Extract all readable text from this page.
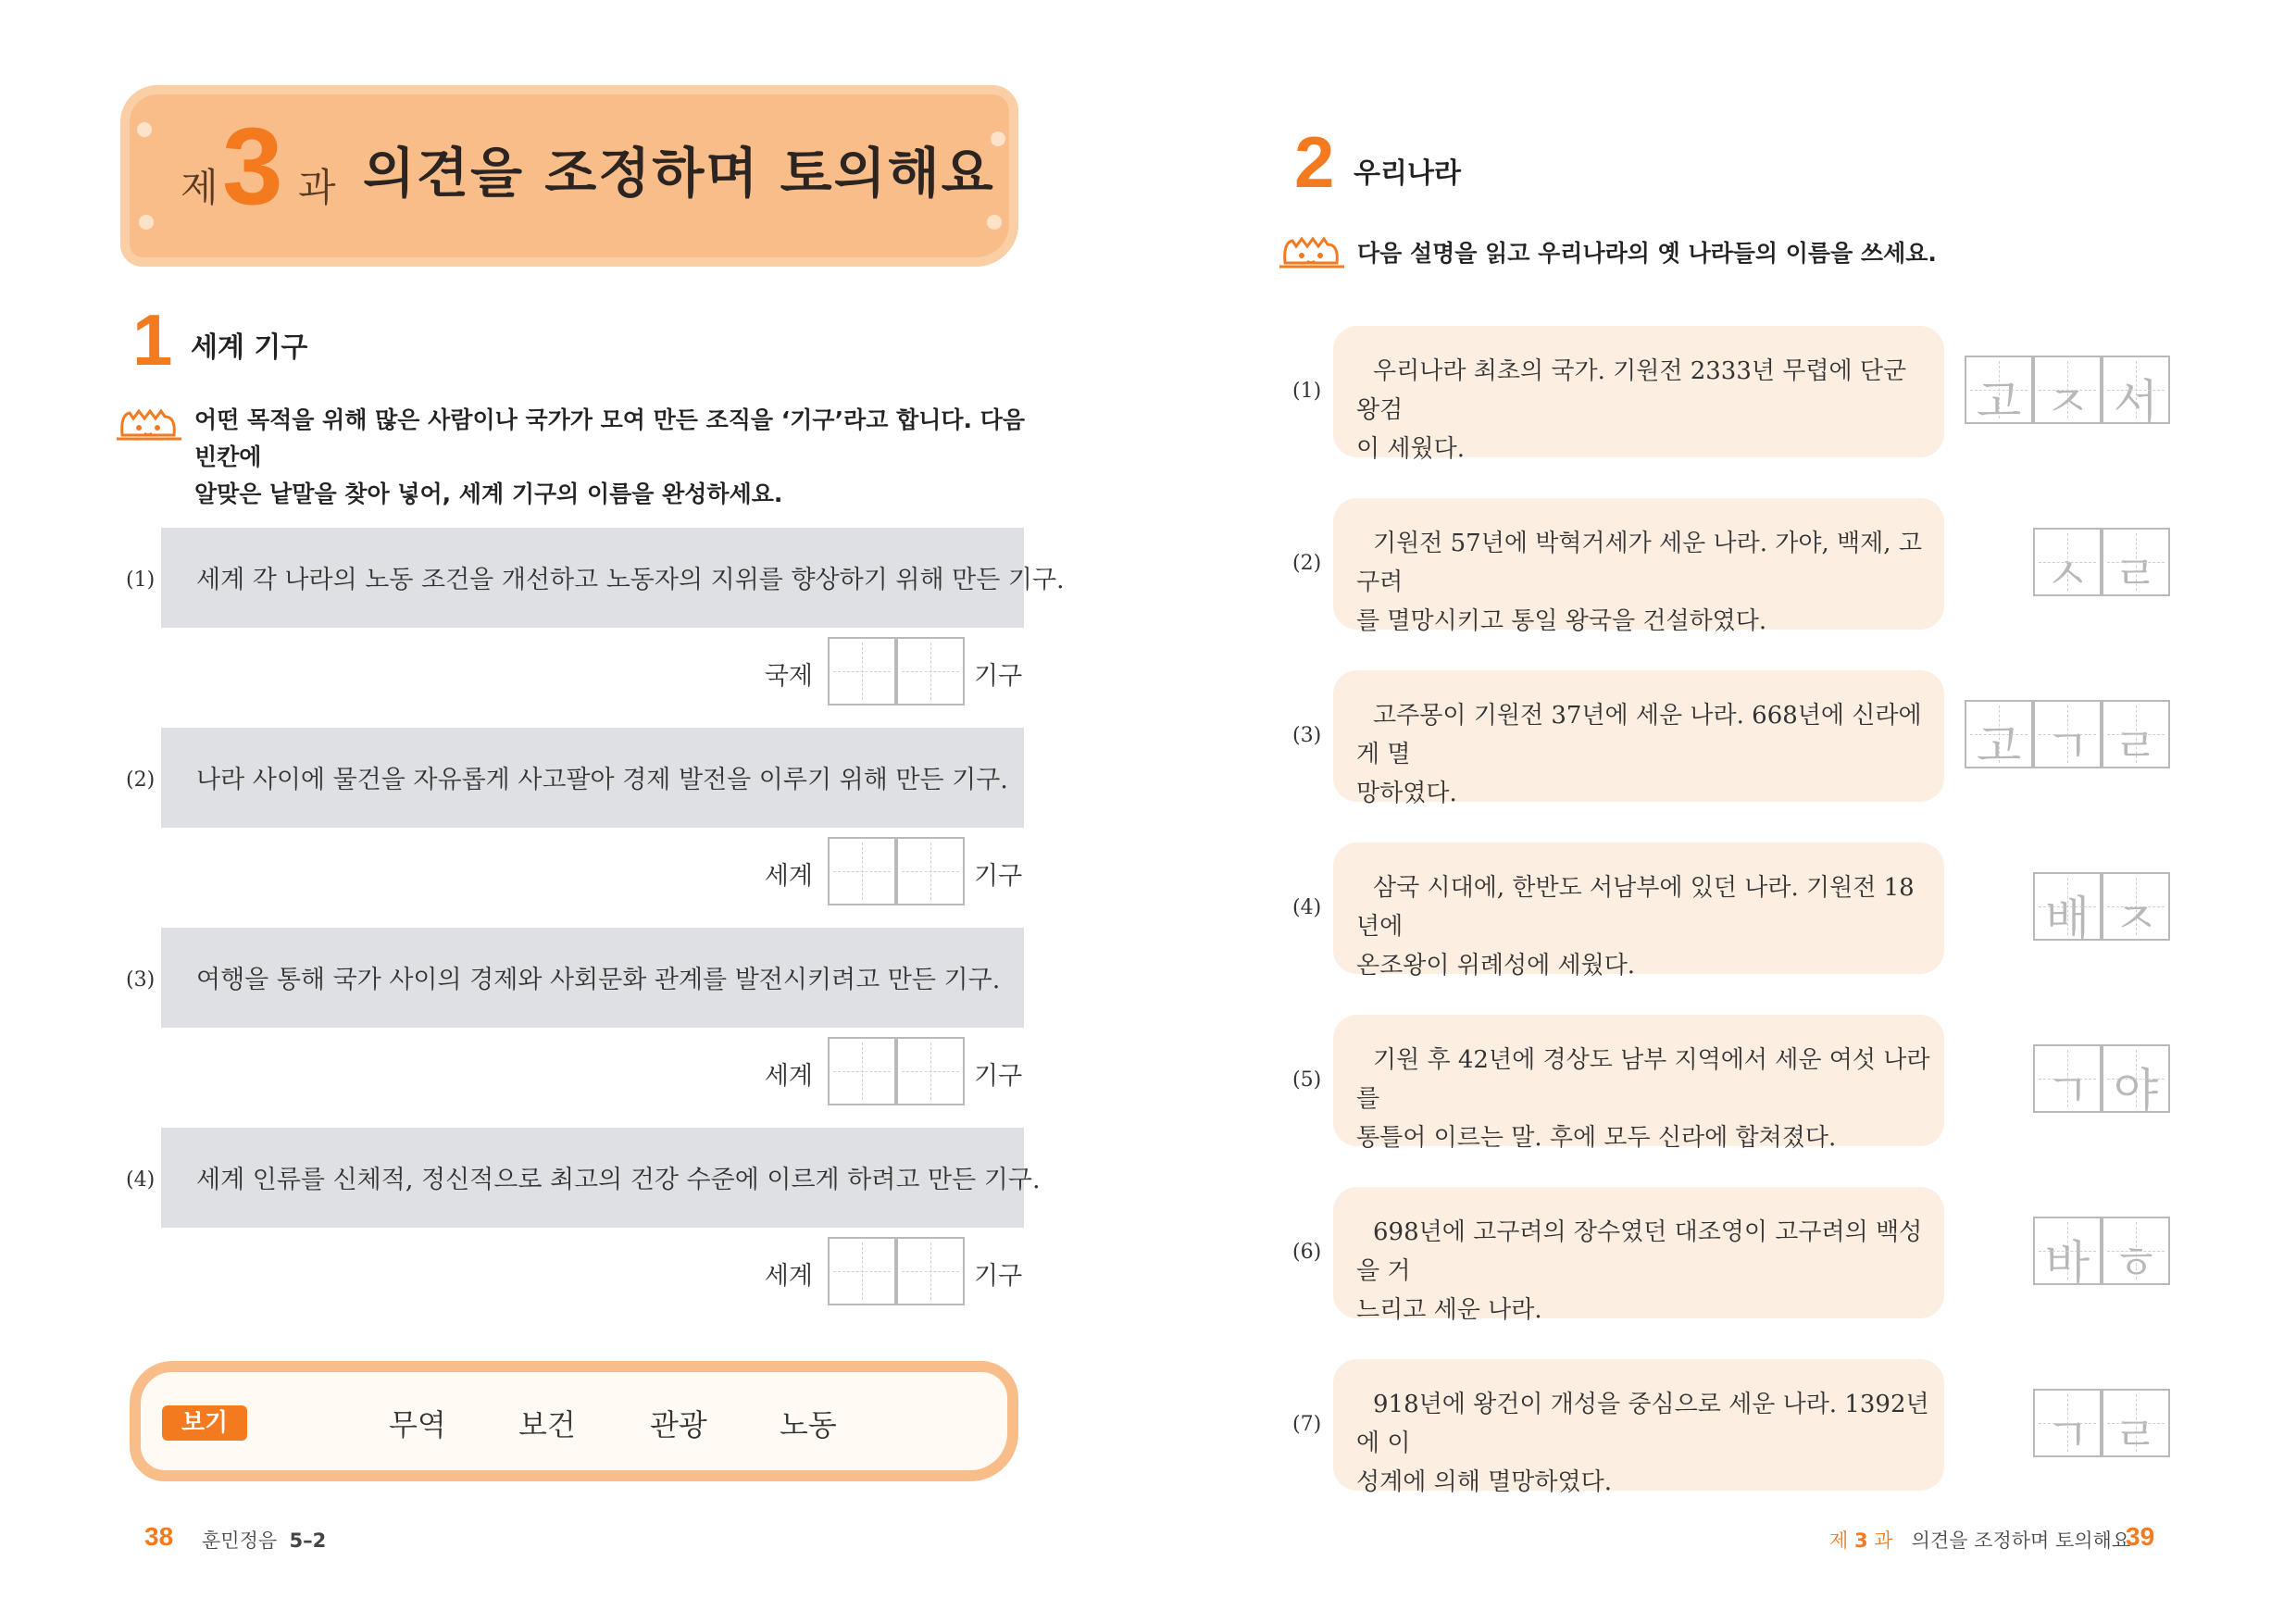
제 3 과 의견을 조정하며 토의해요
1 세계 기구
어떤 목적을 위해 많은 사람이나 국가가 모여 만든 조직을 ‘기구’라고 합니다. 다음 빈칸에
알맞은 낱말을 찾아 넣어, 세계 기구의 이름을 완성하세요.
(1) 세계 각 나라의 노동 조건을 개선하고 노동자의 지위를 향상하기 위해 만든 기구.
국제	기구
(2) 나라 사이에 물건을 자유롭게 사고팔아 경제 발전을 이루기 위해 만든 기구.
세계	기구
(3) 여행을 통해 국가 사이의 경제와 사회문화 관계를 발전시키려고 만든 기구.
세계	기구
(4) 세계 인류를 신체적, 정신적으로 최고의 건강 수준에 이르게 하려고 만든 기구.
세계	기구
보기	무역 보건	관광 노동
38 훈민정음 5–2
2 우리나라
다음 설명을 읽고 우리나라의 옛 나라들의 이름을 쓰세요.
(1)
우리나라 최초의 국가. 기원전 2333년 무렵에 단군 왕검
이 세웠다.
고 ㅈ 서
(2)
기원전 57년에 박혁거세가 세운 나라. 가야, 백제, 고구려
를 멸망시키고 통일 왕국을 건설하였다.
ㅅ ㄹ
(3)
고주몽이 기원전 37년에 세운 나라. 668년에 신라에게 멸
망하였다.
고 ㄱ ㄹ
(4)
삼국 시대에, 한반도 서남부에 있던 나라. 기원전 18년에
온조왕이 위례성에 세웠다.
배 ㅈ
(5)
기원 후 42년에 경상도 남부 지역에서 세운 여섯 나라를
통틀어 이르는 말. 후에 모두 신라에 합쳐졌다.
ㄱ 야
(6)
698년에 고구려의 장수였던 대조영이 고구려의 백성을 거
느리고 세운 나라.
바 ㅎ
(7)
918년에 왕건이 개성을 중심으로 세운 나라. 1392년에 이
성계에 의해 멸망하였다.
ㄱ ㄹ
제 3 과 의견을 조정하며 토의해요
39
